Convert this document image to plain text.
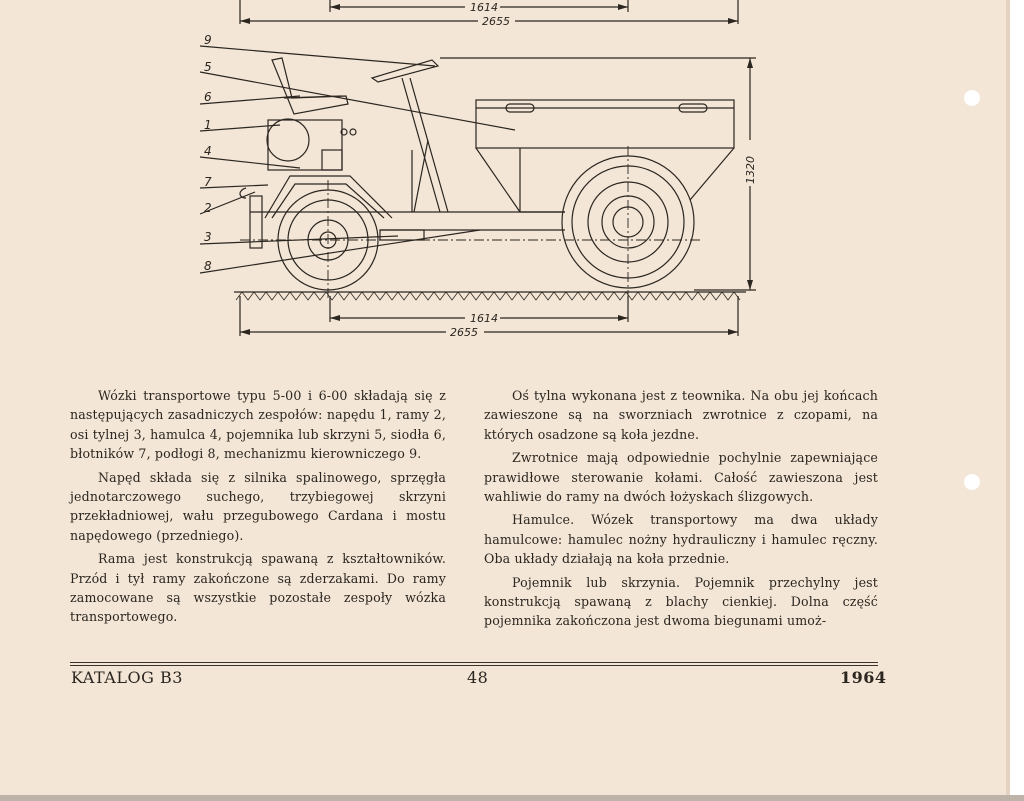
1614
2655
1614
2655
1320
9
5
6
1
4
7
2
3
8

Wózki transportowe typu 5-00 i 6-00 składają się z następujących zasadniczych zespołów: napędu 1, ramy 2, osi tylnej 3, hamulca 4, pojemnika lub skrzyni 5, siodła 6, błotników 7, podłogi 8, mechanizmu kierowniczego 9.

Napęd składa się z silnika spalinowego, sprzęgła jednotarczowego suchego, trzybiegowej skrzyni przekładniowej, wału przegubowego Cardana i mostu napędowego (przedniego).

Rama jest konstrukcją spawaną z kształtowników. Przód i tył ramy zakończone są zderzakami. Do ramy zamocowane są wszystkie pozostałe zespoły wózka transportowego.

Oś tylna wykonana jest z teownika. Na obu jej końcach zawieszone są na sworzniach zwrotnice z czopami, na których osadzone są koła jezdne.

Zwrotnice mają odpowiednie pochylnie zapewniające prawidłowe sterowanie kołami. Całość zawieszona jest wahliwie do ramy na dwóch łożyskach ślizgowych.

Hamulce. Wózek transportowy ma dwa układy hamulcowe: hamulec nożny hydrauliczny i hamulec ręczny. Oba układy działają na koła przednie.

Pojemnik lub skrzynia. Pojemnik przechylny jest konstrukcją spawaną z blachy cienkiej. Dolna część pojemnika zakończona jest dwoma biegunami umoż-

KATALOG B3	48	1964
